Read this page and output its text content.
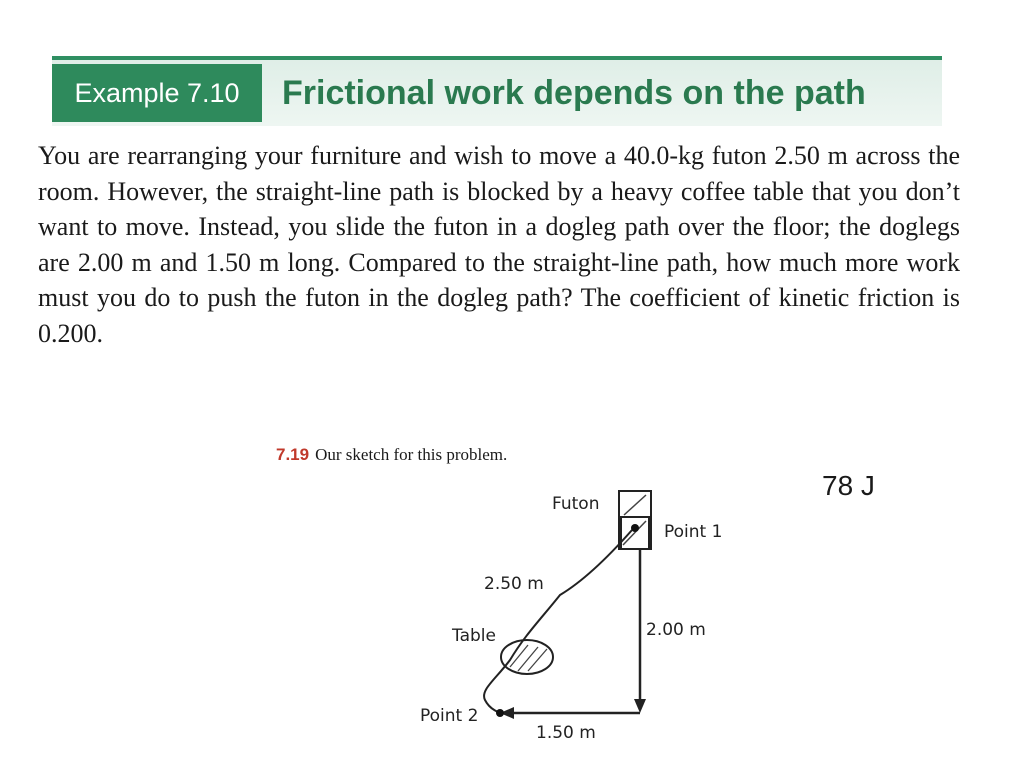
Example 7.10	Frictional work depends on the path
You are rearranging your furniture and wish to move a 40.0-kg futon 2.50 m across the room. However, the straight-line path is blocked by a heavy coffee table that you don’t want to move. Instead, you slide the futon in a dogleg path over the floor; the doglegs are 2.00 m and 1.50 m long. Compared to the straight-line path, how much more work must you do to push the futon in the dogleg path? The coefficient of kinetic friction is 0.200.
7.19 Our sketch for this problem.
78 J
Futon
Point 1
2.50 m
Table	2.00 m
Point 2
1.50 m
